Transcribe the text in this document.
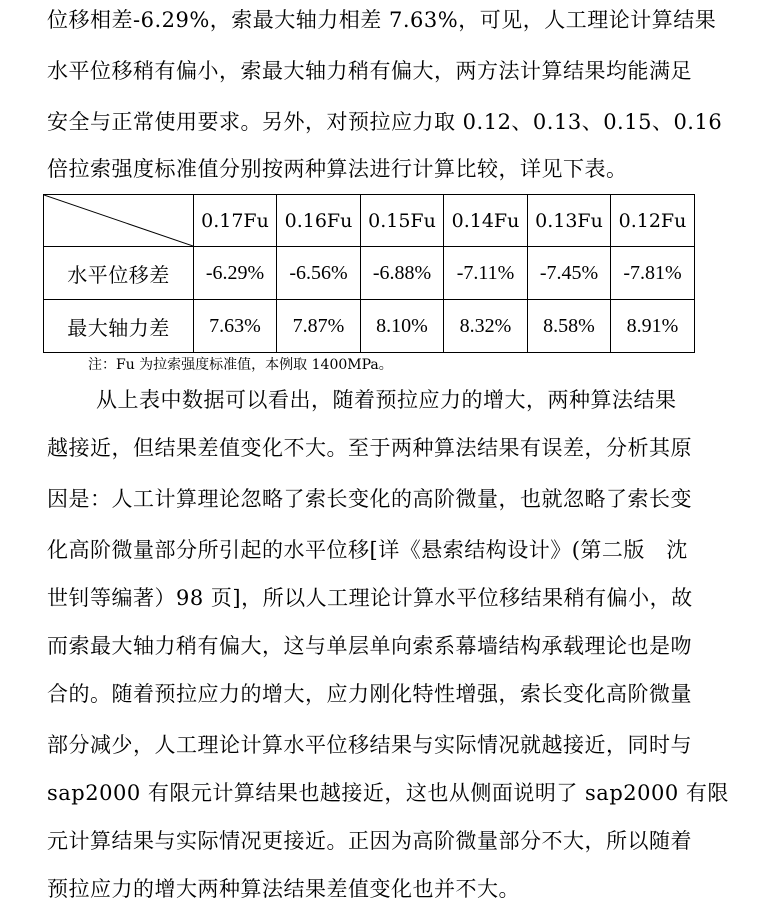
位移相差-6.29%，索最大轴力相差 7.63%，可见，人工理论计算结果
水平位移稍有偏小，索最大轴力稍有偏大，两方法计算结果均能满足
安全与正常使用要求。另外，对预拉应力取 0.12、0.13、0.15、0.16
倍拉索强度标准值分别按两种算法进行计算比较，详见下表。
	0.17Fu	0.16Fu	0.15Fu	0.14Fu	0.13Fu	0.12Fu
水平位移差	-6.29%	-6.56%	-6.88%	-7.11%	-7.45%	-7.81%
最大轴力差	7.63%	7.87%	8.10%	8.32%	8.58%	8.91%
注：Fu 为拉索强度标准值，本例取 1400MPa。
从上表中数据可以看出，随着预拉应力的增大，两种算法结果
越接近，但结果差值变化不大。至于两种算法结果有误差，分析其原
因是：人工计算理论忽略了索长变化的高阶微量，也就忽略了索长变
化高阶微量部分所引起的水平位移[详《悬索结构设计》(第二版　沈
世钊等编著）98 页]，所以人工理论计算水平位移结果稍有偏小，故
而索最大轴力稍有偏大，这与单层单向索系幕墙结构承载理论也是吻
合的。随着预拉应力的增大，应力刚化特性增强，索长变化高阶微量
部分减少，人工理论计算水平位移结果与实际情况就越接近，同时与
sap2000 有限元计算结果也越接近，这也从侧面说明了 sap2000 有限
元计算结果与实际情况更接近。正因为高阶微量部分不大，所以随着
预拉应力的增大两种算法结果差值变化也并不大。
